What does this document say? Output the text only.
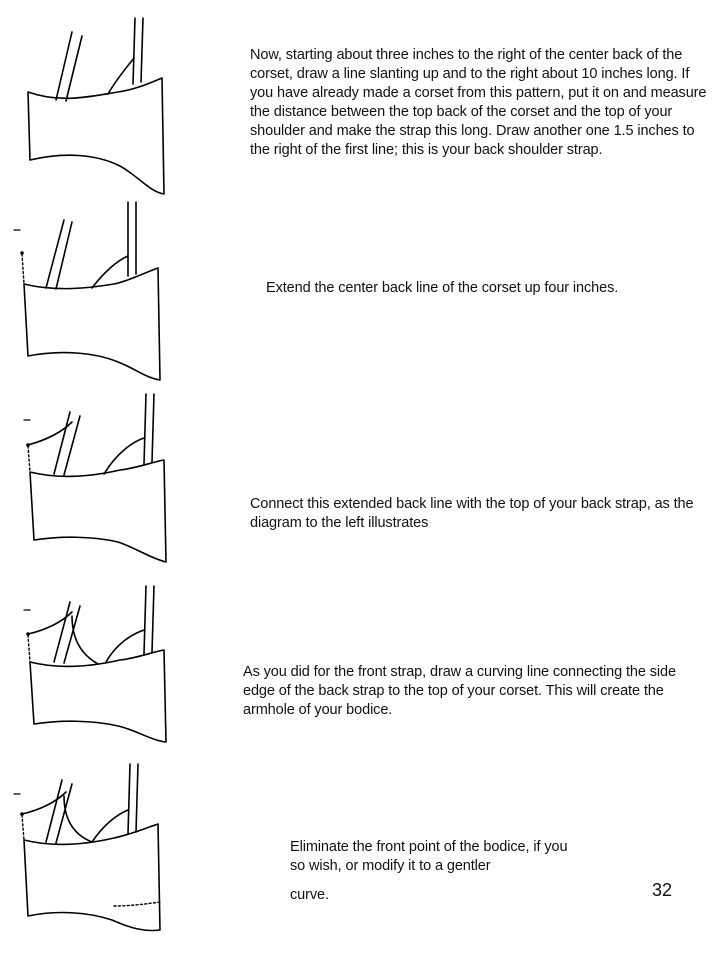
Now, starting about three inches to the right of the center back of the corset, draw a line slanting up and to the right about 10 inches long. If you have already made a corset from this pattern, put it on and measure the distance between the top back of the corset and the top of your shoulder and make the strap this long. Draw another one 1.5 inches to the right of the first line; this is your back shoulder strap.
Extend the center back line of the corset up four inches.
Connect this extended back line with the top of your back strap, as the diagram to the left illustrates
As you did for the front strap, draw a curving line connecting the side edge of the back strap to the top of your corset. This will create the armhole of your bodice.
Eliminate the front point of the bodice, if you so wish, or modify it to a gentler
curve.	32
